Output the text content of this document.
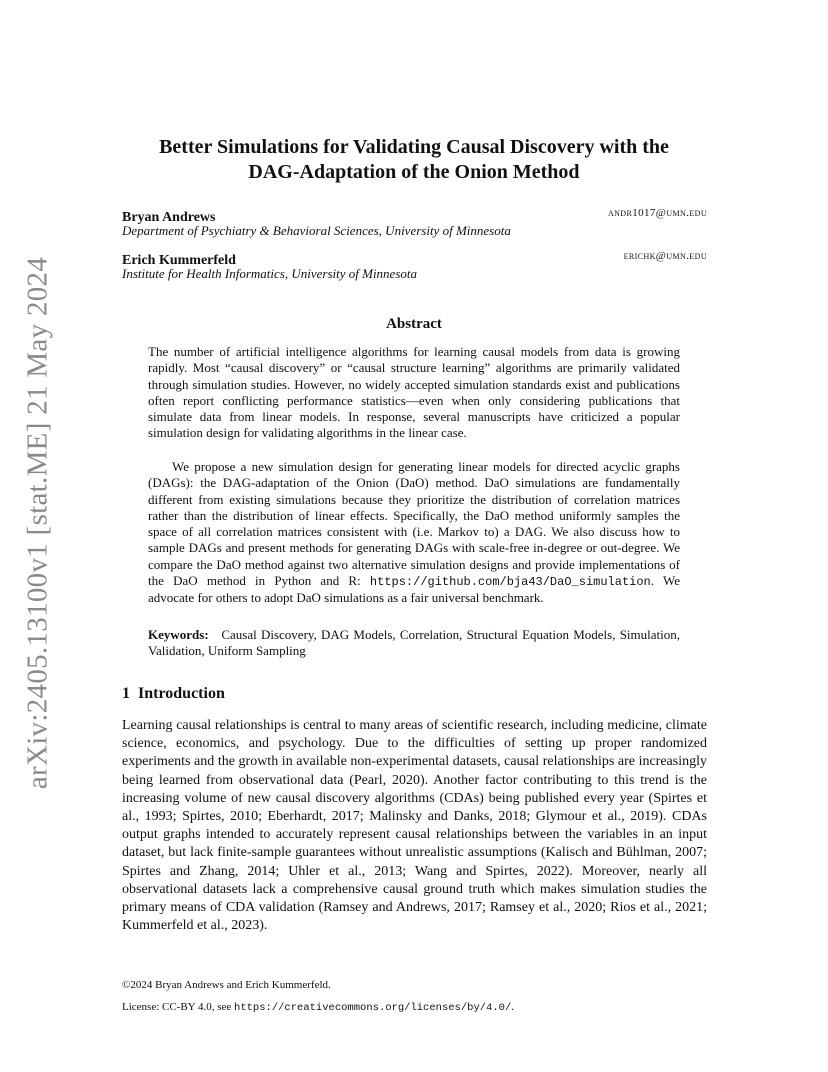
arXiv:2405.13100v1 [stat.ME] 21 May 2024
Better Simulations for Validating Causal Discovery with the
DAG-Adaptation of the Onion Method
Bryan Andrews	andr1017@umn.edu
Department of Psychiatry & Behavioral Sciences, University of Minnesota
Erich Kummerfeld	erichk@umn.edu
Institute for Health Informatics, University of Minnesota
Abstract

The number of artificial intelligence algorithms for learning causal models from data is growing rapidly. Most “causal discovery” or “causal structure learning” algorithms are primarily validated through simulation studies. However, no widely accepted simulation standards exist and publications often report conflicting performance statistics—even when only considering publications that simulate data from linear models. In response, several manuscripts have criticized a popular simulation design for validating algorithms in the linear case.

We propose a new simulation design for generating linear models for directed acyclic graphs (DAGs): the DAG-adaptation of the Onion (DaO) method. DaO simulations are fundamentally different from existing simulations because they prioritize the distribution of correlation matrices rather than the distribution of linear effects. Specifically, the DaO method uniformly samples the space of all correlation matrices consistent with (i.e. Markov to) a DAG. We also discuss how to sample DAGs and present methods for generating DAGs with scale-free in-degree or out-degree. We compare the DaO method against two alternative simulation designs and provide implementations of the DaO method in Python and R: https://github.com/bja43/DaO_simulation. We advocate for others to adopt DaO simulations as a fair universal benchmark.

Keywords: Causal Discovery, DAG Models, Correlation, Structural Equation Models, Simulation, Validation, Uniform Sampling

1 Introduction

Learning causal relationships is central to many areas of scientific research, including medicine, climate science, economics, and psychology. Due to the difficulties of setting up proper randomized experiments and the growth in available non-experimental datasets, causal relationships are increasingly being learned from observational data (Pearl, 2020). Another factor contributing to this trend is the increasing volume of new causal discovery algorithms (CDAs) being published every year (Spirtes et al., 1993; Spirtes, 2010; Eberhardt, 2017; Malinsky and Danks, 2018; Glymour et al., 2019). CDAs output graphs intended to accurately represent causal relationships between the variables in an input dataset, but lack finite-sample guarantees without unrealistic assumptions (Kalisch and Bühlman, 2007; Spirtes and Zhang, 2014; Uhler et al., 2013; Wang and Spirtes, 2022). Moreover, nearly all observational datasets lack a comprehensive causal ground truth which makes simulation studies the primary means of CDA validation (Ramsey and Andrews, 2017; Ramsey et al., 2020; Rios et al., 2021; Kummerfeld et al., 2023).

©2024 Bryan Andrews and Erich Kummerfeld.
License: CC-BY 4.0, see https://creativecommons.org/licenses/by/4.0/.
